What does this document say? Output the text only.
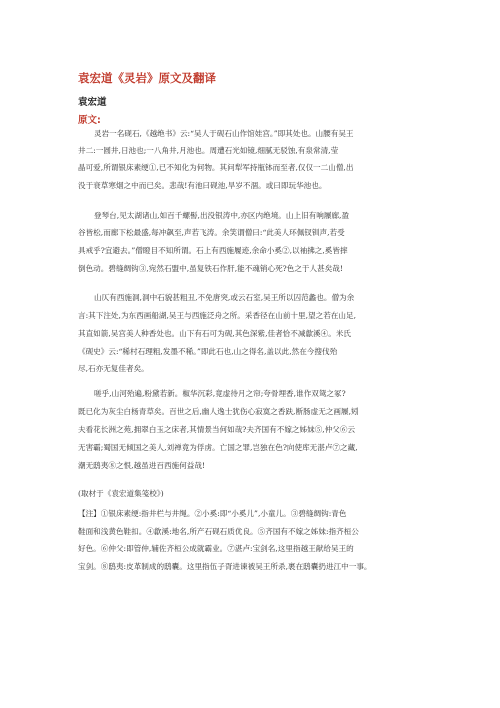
袁宏道《灵岩》原文及翻译
袁宏道
原文:
灵岩一名砚石,《越绝书》云:“吴人于砚石山作馆娃宫。”即其处也。山腰有吴王
井二:一圆井,日池也;一八角井,月池也。周遭石光如镜,细腻无驳蚀,有泉常清,莹
晶可爱,所谓银床素绠①,已不知化为何物。其问犁军持瓶钵而至者,仅仅一二山僧,出
没于衰草寒烟之中而已矣。悲哉!有池曰砚池,旱岁不涸。或曰即玩华池也。
登琴台,见太湖诸山,如百千螺髻,出没银涛中,亦区内绝境。山上旧有响屧廊,盈
谷皆松,而廊下松最盛,每冲飙至,声若飞涛。余笑谓僧曰:“此美人环佩钗钏声,若受
具戒乎?宜避去。”僧瞪目不知所谓。石上有西施履迹,余命小奚②,以袖拂之,奚皆摔
倒色动。碧缝绸钩③,宛然石盟中,虽复铁石作肝,能不魂销心死?色之于人甚矣哉!
山仄有西施洞,洞中石貌甚粗丑,不免唐突,或云石室,吴王所以囚范蠡也。僧为余
言:其下注处,为东西画船湖,吴王与西施泛舟之所。采香径在山前十里,望之若在山足,
其直如箭,吴宫美人种香处也。山下有石可为砚,其色深紫,佳者恰不减歙溪④。米氏
《砚史》云:“稀村石理粗,发墨不稀。”即此石也,山之得名,盖以此,然在今搜伐殆
尽,石亦无复佳者矣。
嗟乎,山河殆遍,粉黛若新。椒华沉彩,竟虚待月之帘;夸骨埋香,谁作双鸳之冢?
既已化为灰尘白杨青草矣。百世之后,幽人逸士犹伤心寂寞之香趺,断肠虚无之画屧,矧
夫看花长洲之苑,拥翠白玉之床者,其情景当何如哉?夫齐国有不嫁之姊妹⑤,仲父⑥云
无害霸;蜀国无倾国之美人,刘禅竟为俘虏。亡国之罪,岂独在色?向使库无湛卢⑦之藏,
潮无鸱夷⑧之恨,越虽进百西施何益哉!
(取材于《袁宏道集笺校》)
【注】①银床素绠:指井栏与井绳。②小奚:即“小奚儿”,小童儿。③碧缝绸钩:青色
鞋面和浅黄色鞋扣。④歙溪:地名,所产石砚石质优良。⑤齐国有不嫁之姊妹:指齐桓公
好色。⑥仲父:即管仲,辅佐齐桓公成就霸业。⑦湛卢:宝剑名,这里指越王献给吴王的
宝剑。⑧鸱夷:皮革制成的鸱囊。这里指伍子胥进谏被吴王所杀,裹在鸱囊扔进江中一事。
